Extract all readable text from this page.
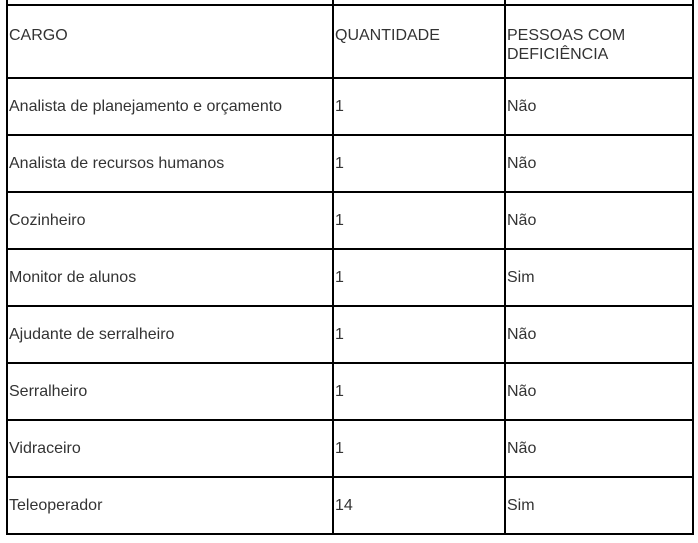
CARGO	QUANTIDADE	PESSOAS COM DEFICIÊNCIA
Analista de planejamento e orçamento	1	Não
Analista de recursos humanos	1	Não
Cozinheiro	1	Não
Monitor de alunos	1	Sim
Ajudante de serralheiro	1	Não
Serralheiro	1	Não
Vidraceiro	1	Não
Teleoperador	14	Sim
